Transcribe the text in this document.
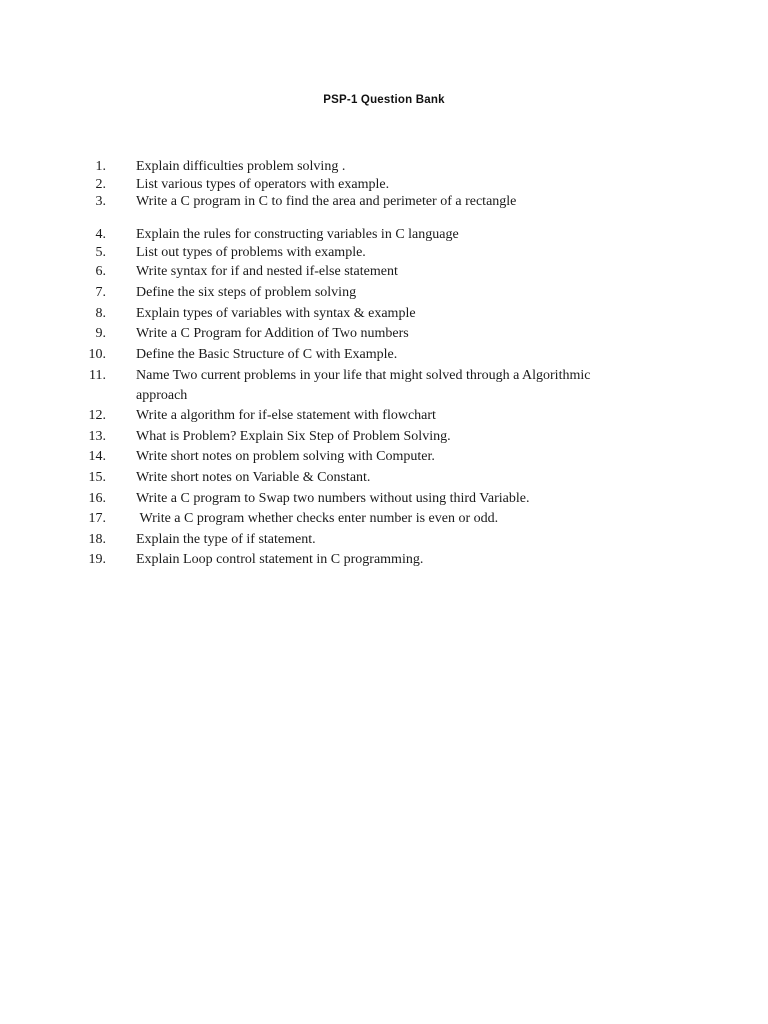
PSP-1 Question Bank
1.	Explain difficulties problem solving .
2.	List various types of operators with example.
3.	Write a C program in C to find the area and perimeter of a rectangle
4.	Explain the rules for constructing variables in C language
5.	List out types of problems with example.
6.	Write syntax for if and nested if-else statement
7.	Define the six steps of problem solving
8.	Explain types of variables with syntax & example
9.	Write a C Program for Addition of Two numbers
10.	Define the Basic Structure of C with Example.
11.	Name Two current problems in your life that might solved through a Algorithmic
approach
12.	Write a algorithm for if-else statement with flowchart
13.	What is Problem? Explain Six Step of Problem Solving.
14.	Write short notes on problem solving with Computer.
15.	Write short notes on Variable & Constant.
16.	Write a C program to Swap two numbers without using third Variable.
17.	Write a C program whether checks enter number is even or odd.
18.	Explain the type of if statement.
19.	Explain Loop control statement in C programming.
